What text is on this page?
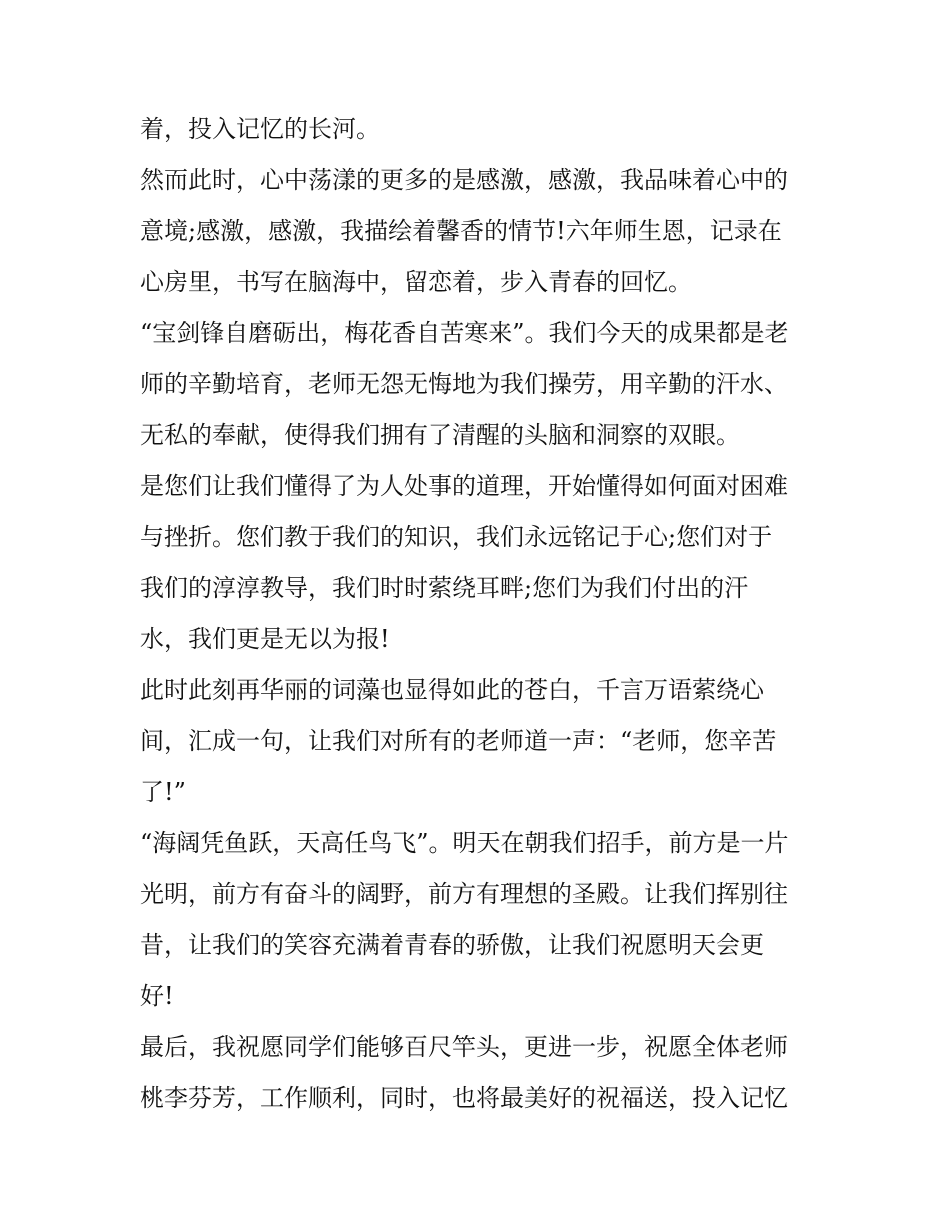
着，投入记忆的长河。
然而此时，心中荡漾的更多的是感激，感激，我品味着心中的
意境;感激，感激，我描绘着馨香的情节!六年师生恩，记录在
心房里，书写在脑海中，留恋着，步入青春的回忆。
“宝剑锋自磨砺出，梅花香自苦寒来”。我们今天的成果都是老
师的辛勤培育，老师无怨无悔地为我们操劳，用辛勤的汗水、
无私的奉献，使得我们拥有了清醒的头脑和洞察的双眼。
是您们让我们懂得了为人处事的道理，开始懂得如何面对困难
与挫折。您们教于我们的知识，我们永远铭记于心;您们对于
我们的淳淳教导，我们时时萦绕耳畔;您们为我们付出的汗
水，我们更是无以为报!
此时此刻再华丽的词藻也显得如此的苍白，千言万语萦绕心
间，汇成一句，让我们对所有的老师道一声：“老师，您辛苦
了!”
“海阔凭鱼跃，天高任鸟飞”。明天在朝我们招手，前方是一片
光明，前方有奋斗的阔野，前方有理想的圣殿。让我们挥别往
昔，让我们的笑容充满着青春的骄傲，让我们祝愿明天会更
好!
最后，我祝愿同学们能够百尺竿头，更进一步，祝愿全体老师
桃李芬芳，工作顺利，同时，也将最美好的祝福送，投入记忆
